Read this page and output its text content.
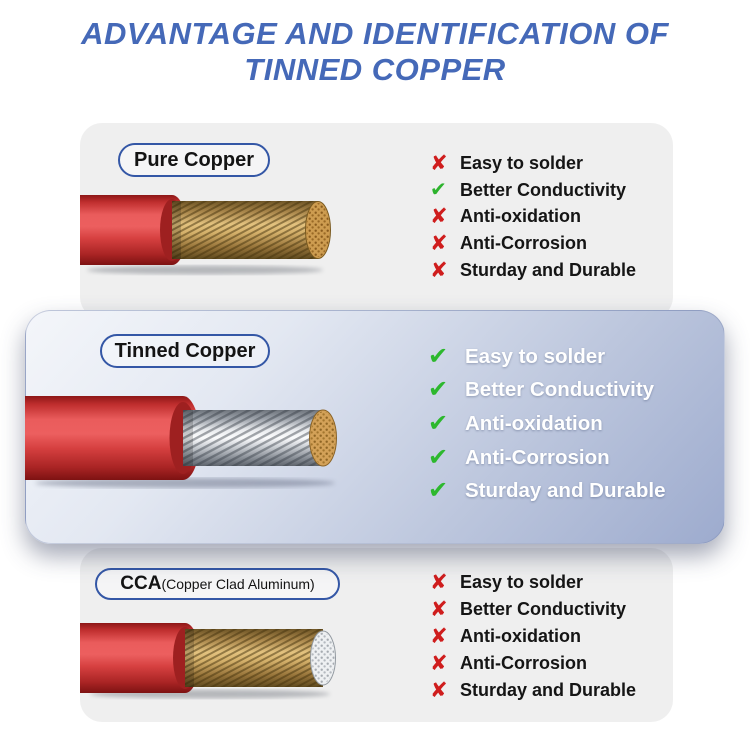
ADVANTAGE AND IDENTIFICATION OF
TINNED COPPER
Pure Copper	✘ Easy to solder
✔ Better Conductivity
✘ Anti-oxidation
✘ Anti-Corrosion
✘ Sturday and Durable
CCA (Copper Clad Aluminum)	✘ Easy to solder
✘ Better Conductivity
✘ Anti-oxidation
✘ Anti-Corrosion
✘ Sturday and Durable
Tinned Copper	✔ Easy to solder
✔ Better Conductivity
✔ Anti-oxidation
✔ Anti-Corrosion
✔ Sturday and Durable
